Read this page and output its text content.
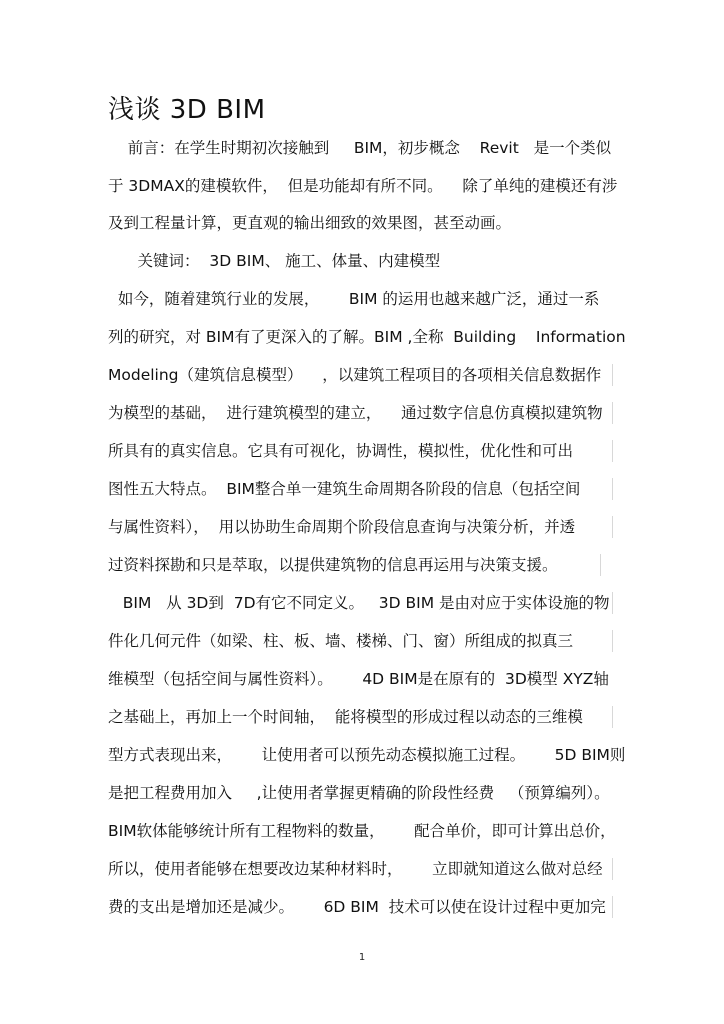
浅谈 3D BIM
前言：在学生时期初次接触到     BIM，初步概念    Revit   是一个类似
于 3DMAX的建模软件，  但是功能却有所不同。    除了单纯的建模还有涉
及到工程量计算，更直观的输出细致的效果图，甚至动画。
关键词：  3D BIM、 施工、体量、内建模型
如今，随着建筑行业的发展，      BIM 的运用也越来越广泛，通过一系
列的研究，对 BIM有了更深入的了解。BIM ,全称  Building    Information
Modeling（建筑信息模型）    ，以建筑工程项目的各项相关信息数据作
为模型的基础，  进行建筑模型的建立，    通过数字信息仿真模拟建筑物
所具有的真实信息。它具有可视化，协调性，模拟性，优化性和可出
图性五大特点。  BIM整合单一建筑生命周期各阶段的信息（包括空间
与属性资料），  用以协助生命周期个阶段信息查询与决策分析，并透
过资料探勘和只是萃取，以提供建筑物的信息再运用与决策支援。
BIM   从 3D到  7D有它不同定义。   3D BIM 是由对应于实体设施的物
件化几何元件（如梁、柱、板、墙、楼梯、门、窗）所组成的拟真三
维模型（包括空间与属性资料）。      4D BIM是在原有的  3D模型 XYZ轴
之基础上，再加上一个时间轴，  能将模型的形成过程以动态的三维模
型方式表现出来，      让使用者可以预先动态模拟施工过程。      5D BIM则
是把工程费用加入     ,让使用者掌握更精确的阶段性经费   （预算编列）。
BIM软体能够统计所有工程物料的数量，      配合单价，即可计算出总价，
所以，使用者能够在想要改边某种材料时，      立即就知道这么做对总经
费的支出是增加还是减少。      6D BIM  技术可以使在设计过程中更加完
1
